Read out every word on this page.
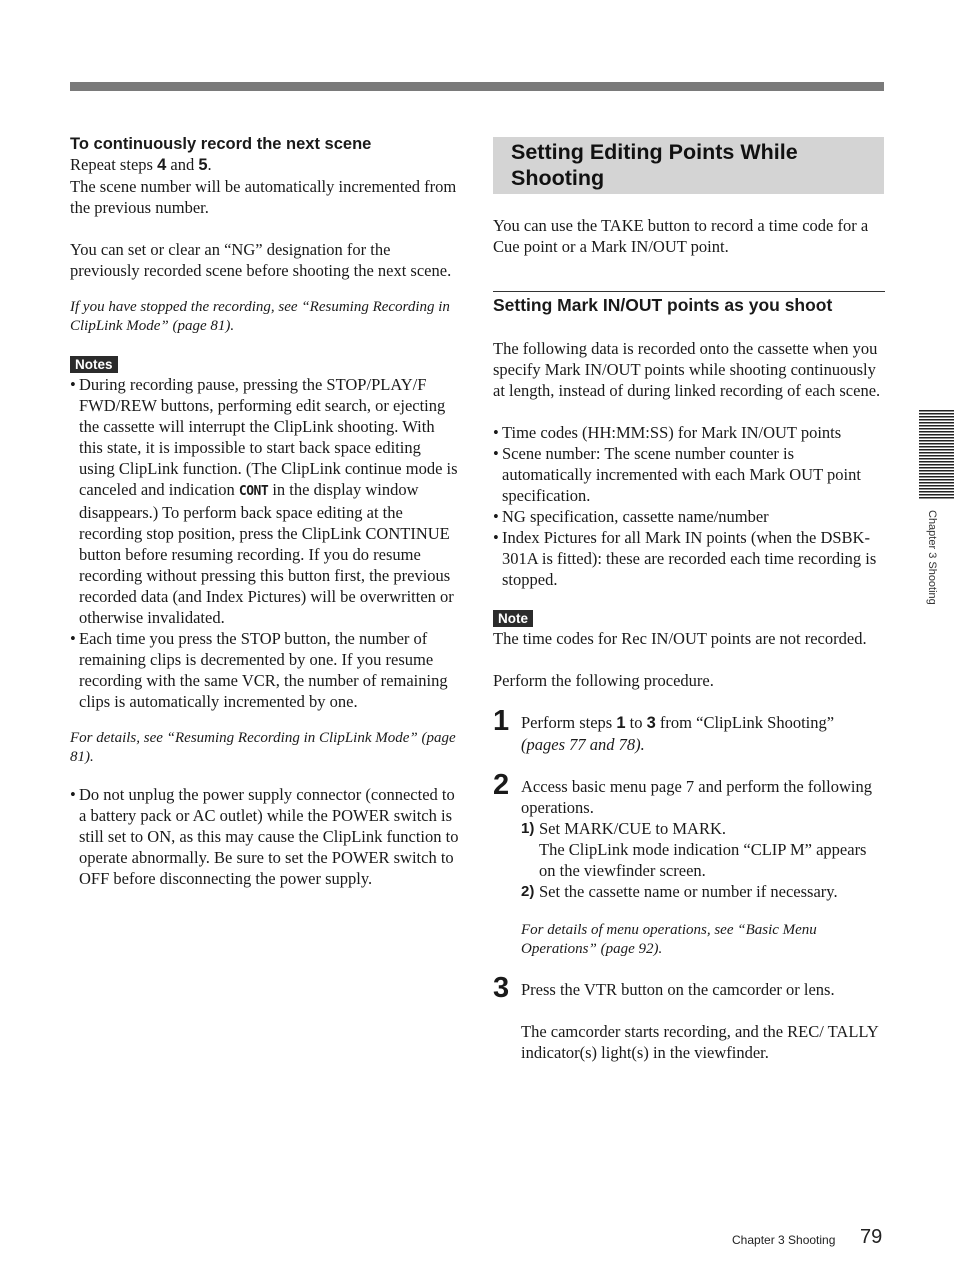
To continuously record the next scene

Repeat steps 4 and 5.

The scene number will be automatically incremented from the previous number.

You can set or clear an “NG” designation for the previously recorded scene before shooting the next scene.

If you have stopped the recording, see “Resuming Recording in ClipLink Mode” (page 81).

Notes
• During recording pause, pressing the STOP/PLAY/F FWD/REW buttons, performing edit search, or ejecting the cassette will interrupt the ClipLink shooting. With this state, it is impossible to start back space editing using ClipLink function. (The ClipLink continue mode is canceled and indication CONT in the display window disappears.) To perform back space editing at the recording stop position, press the ClipLink CONTINUE button before resuming recording. If you do resume recording without pressing this button first, the previous recorded data (and Index Pictures) will be overwritten or otherwise invalidated.
• Each time you press the STOP button, the number of remaining clips is decremented by one. If you resume recording with the same VCR, the number of remaining clips is automatically incremented by one.

For details, see “Resuming Recording in ClipLink Mode” (page 81).

• Do not unplug the power supply connector (connected to a battery pack or AC outlet) while the POWER switch is still set to ON, as this may cause the ClipLink function to operate abnormally. Be sure to set the POWER switch to OFF before disconnecting the power supply.
Setting Editing Points While Shooting

You can use the TAKE button to record a time code for a Cue point or a Mark IN/OUT point.

Setting Mark IN/OUT points as you shoot

The following data is recorded onto the cassette when you specify Mark IN/OUT points while shooting continuously at length, instead of during linked recording of each scene.

• Time codes (HH:MM:SS) for Mark IN/OUT points
• Scene number: The scene number counter is automatically incremented with each Mark OUT point specification.
• NG specification, cassette name/number
• Index Pictures for all Mark IN points (when the DSBK-301A is fitted): these are recorded each time recording is stopped.
Note

The time codes for Rec IN/OUT points are not recorded.

Perform the following procedure.

1 Perform steps 1 to 3 from “ClipLink Shooting”

(pages 77 and 78).

2 Access basic menu page 7 and perform the following operations.

1) Set MARK/CUE to MARK.

The ClipLink mode indication “CLIP M” appears on the viewfinder screen.

2) Set the cassette name or number if necessary.

For details of menu operations, see “Basic Menu Operations” (page 92).

3 Press the VTR button on the camcorder or lens.

The camcorder starts recording, and the REC/ TALLY indicator(s) light(s) in the viewfinder.

Chapter 3 Shooting
Chapter 3 Shooting 79
